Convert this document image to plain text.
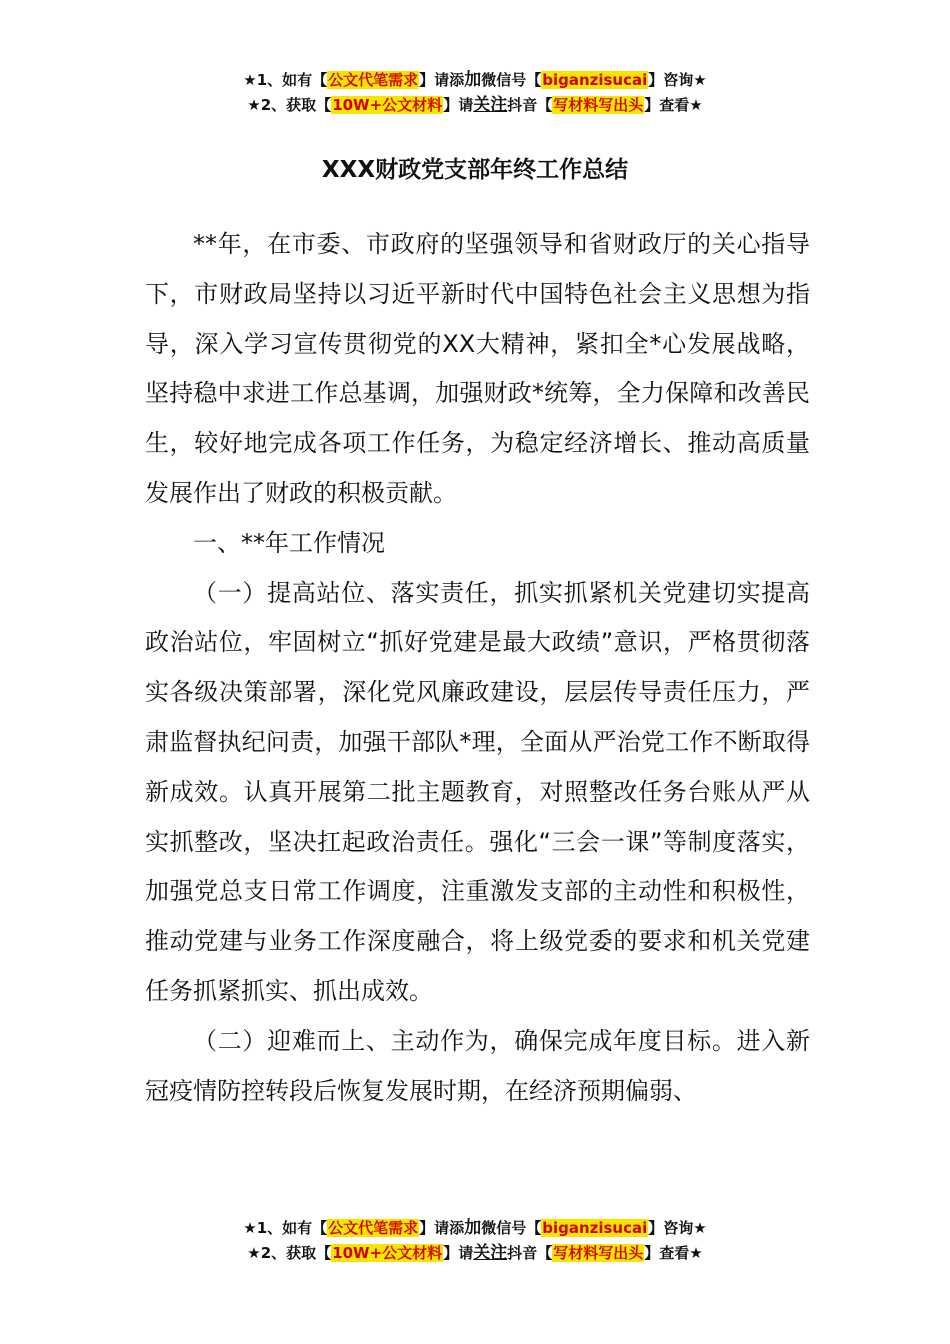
★1、如有【公文代笔需求】请添加微信号【biganzisucai】咨询★
★2、获取【10W+公文材料】请关注抖音【写材料写出头】查看★
XXX财政党支部年终工作总结

**年，在市委、市政府的坚强领导和省财政厅的关心指导下，市财政局坚持以习近平新时代中国特色社会主义思想为指导，深入学习宣传贯彻党的XX大精神，紧扣全*心发展战略，坚持稳中求进工作总基调，加强财政*统筹，全力保障和改善民生，较好地完成各项工作任务，为稳定经济增长、推动高质量发展作出了财政的积极贡献。

一、**年工作情况

（一）提高站位、落实责任，抓实抓紧机关党建切实提高政治站位，牢固树立“抓好党建是最大政绩”意识，严格贯彻落实各级决策部署，深化党风廉政建设，层层传导责任压力，严肃监督执纪问责，加强干部队*理，全面从严治党工作不断取得新成效。认真开展第二批主题教育，对照整改任务台账从严从实抓整改，坚决扛起政治责任。强化“三会一课”等制度落实，加强党总支日常工作调度，注重激发支部的主动性和积极性，推动党建与业务工作深度融合，将上级党委的要求和机关党建任务抓紧抓实、抓出成效。

（二）迎难而上、主动作为，确保完成年度目标。进入新冠疫情防控转段后恢复发展时期，在经济预期偏弱、

★1、如有【公文代笔需求】请添加微信号【biganzisucai】咨询★
★2、获取【10W+公文材料】请关注抖音【写材料写出头】查看★
